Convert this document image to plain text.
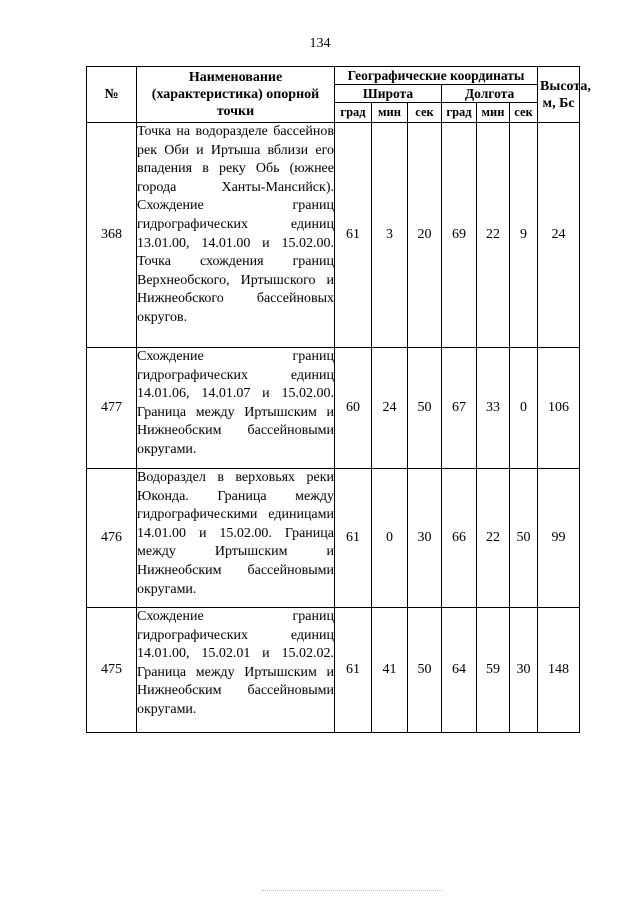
134
№	Наименование (характеристика) опорной точки	Географические координаты						Высота, м, Бс
		Широта			Долгота			
		град	мин	сек	град	мин	сек	
368	Точка на водоразделе бассейнов рек Оби и Иртыша вблизи его впадения в реку Обь (южнее города Ханты-Мансийск). Схождение границ гидрографических единиц 13.01.00, 14.01.00 и 15.02.00. Точка схождения границ Верхнеобского, Иртышского и Нижнеобского бассейновых округов.	61	3	20	69	22	9	24
477	Схождение границ гидрографических единиц 14.01.06, 14.01.07 и 15.02.00. Граница между Иртышским и Нижнеобским бассейновыми округами.	60	24	50	67	33	0	106
476	Водораздел в верховьях реки Юконда. Граница между гидрографическими единицами 14.01.00 и 15.02.00. Граница между Иртышским и Нижнеобским бассейновыми округами.	61	0	30	66	22	50	99
475	Схождение границ гидрографических единиц 14.01.00, 15.02.01 и 15.02.02. Граница между Иртышским и Нижнеобским бассейновыми округами.	61	41	50	64	59	30	148
